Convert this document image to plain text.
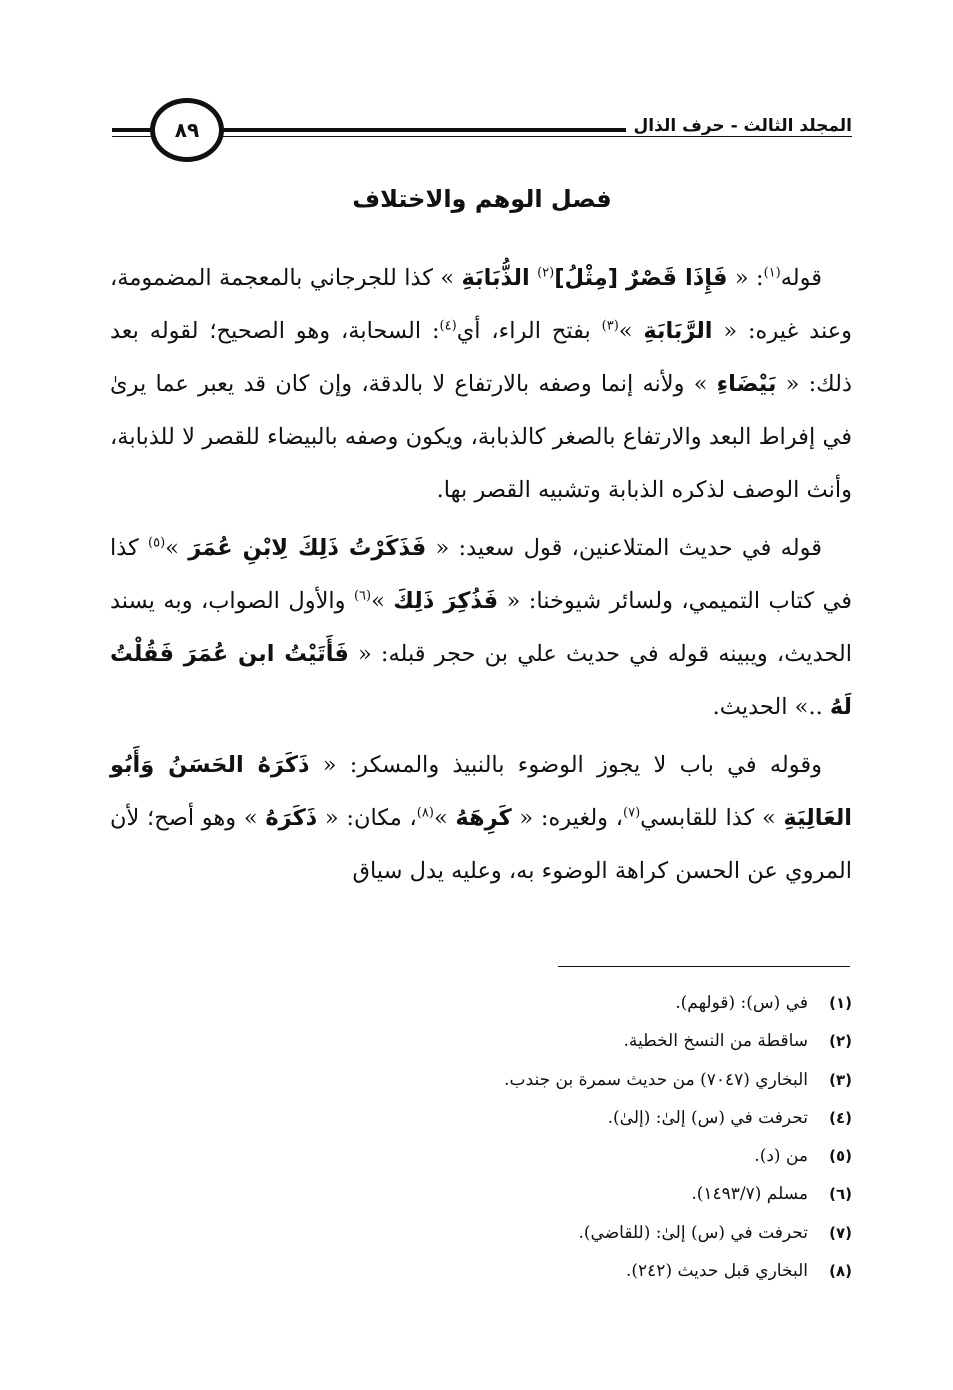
المجلد الثالث - حرف الذال
٨٩
فصل الوهم والاختلاف

قوله$^{(١)}$: « فَإِذَا قَصْرٌ [مِثْلُ]$^{(٢)}$ الذُّبَابَةِ » كذا للجرجاني بالمعجمة المضمومة، وعند غيره: « الرَّبَابَةِ »$^{(٣)}$ بفتح الراء، أي$^{(٤)}$: السحابة، وهو الصحيح؛ لقوله بعد ذلك: « بَيْضَاءِ » ولأنه إنما وصفه بالارتفاع لا بالدقة، وإن كان قد يعبر عما يرىٰ في إفراط البعد والارتفاع بالصغر كالذبابة، ويكون وصفه بالبيضاء للقصر لا للذبابة، وأنث الوصف لذكره الذبابة وتشبيه القصر بها.

قوله في حديث المتلاعنين، قول سعيد: « فَذَكَرْتُ ذَلِكَ لِابْنِ عُمَرَ »$^{(٥)}$ كذا في كتاب التميمي، ولسائر شيوخنا: « فَذُكِرَ ذَلِكَ »$^{(٦)}$ والأول الصواب، وبه يسند الحديث، ويبينه قوله في حديث علي بن حجر قبله: « فَأَتَيْتُ ابن عُمَرَ فَقُلْتُ لَهُ ..» الحديث.

وقوله في باب لا يجوز الوضوء بالنبيذ والمسكر: « ذَكَرَهُ الحَسَنُ وَأَبُو العَالِيَةِ » كذا للقابسي$^{(٧)}$، ولغيره: « كَرِهَهُ »$^{(٨)}$، مكان: « ذَكَرَهُ » وهو أصح؛ لأن المروي عن الحسن كراهة الوضوء به، وعليه يدل سياق

(١)
في (س): (قولهم).
(٢)
ساقطة من النسخ الخطية.
(٣)
البخاري (٧٠٤٧) من حديث سمرة بن جندب.
(٤)
تحرفت في (س) إلىٰ: (إلىٰ).
(٥)
من (د).
(٦)
مسلم (١٤٩٣/٧).
(٧)
تحرفت في (س) إلىٰ: (للقاضي).
(٨)
البخاري قبل حديث (٢٤٢).
